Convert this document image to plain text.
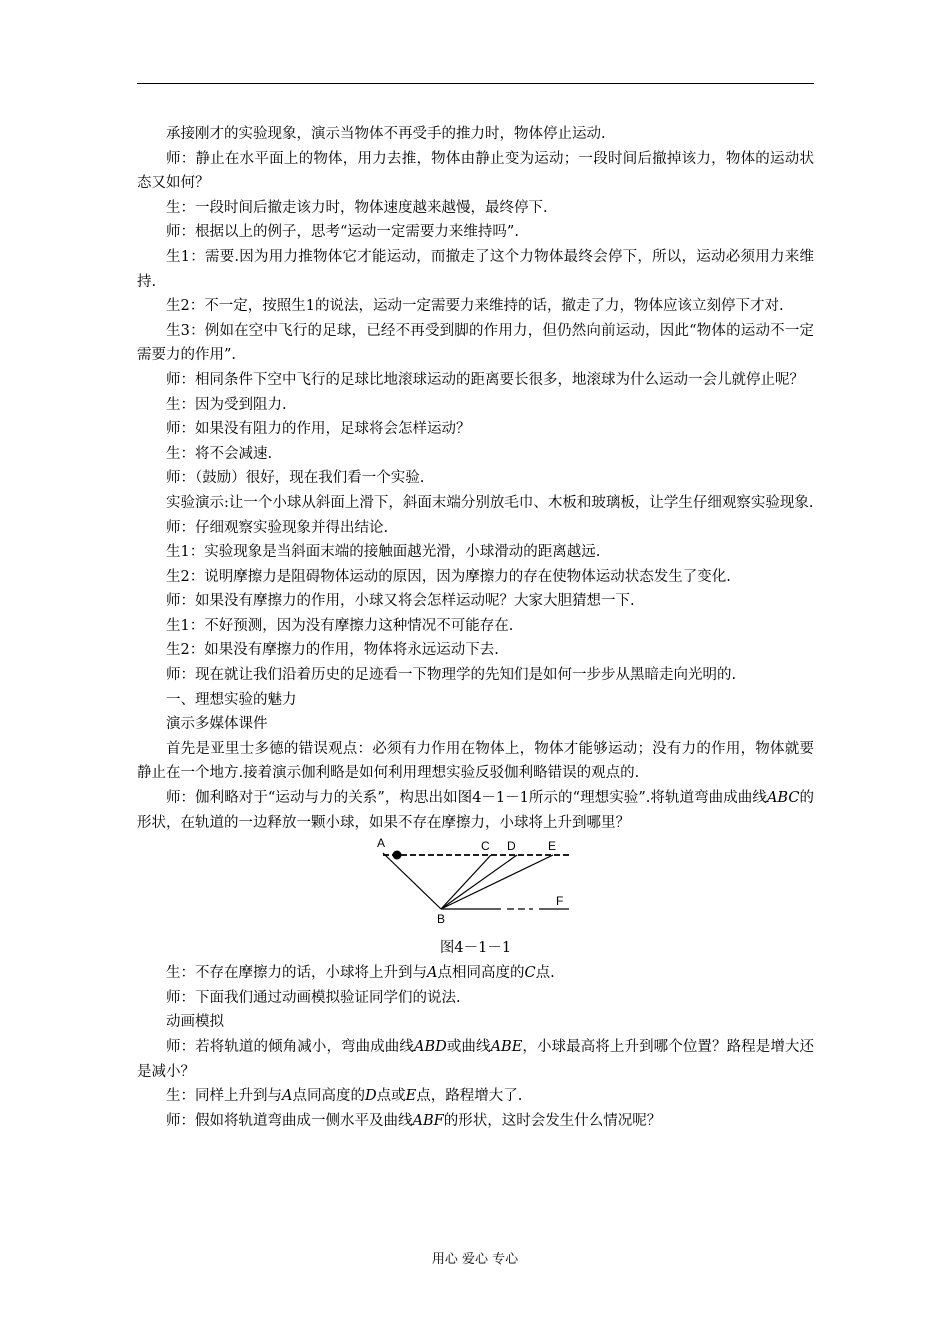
承接刚才的实验现象，演示当物体不再受手的推力时，物体停止运动.

师：静止在水平面上的物体，用力去推，物体由静止变为运动；一段时间后撤掉该力，物体的运动状态又如何？

生：一段时间后撤走该力时，物体速度越来越慢，最终停下.

师：根据以上的例子，思考“运动一定需要力来维持吗”.

生1：需要.因为用力推物体它才能运动，而撤走了这个力物体最终会停下，所以，运动必须用力来维持.

生2：不一定，按照生1的说法，运动一定需要力来维持的话，撤走了力，物体应该立刻停下才对.

生3：例如在空中飞行的足球，已经不再受到脚的作用力，但仍然向前运动，因此“物体的运动不一定需要力的作用”.

师：相同条件下空中飞行的足球比地滚球运动的距离要长很多，地滚球为什么运动一会儿就停止呢？

生：因为受到阻力.

师：如果没有阻力的作用，足球将会怎样运动？

生：将不会减速.

师：（鼓励）很好，现在我们看一个实验.

实验演示:让一个小球从斜面上滑下，斜面末端分别放毛巾、木板和玻璃板，让学生仔细观察实验现象.

师：仔细观察实验现象并得出结论.

生1：实验现象是当斜面末端的接触面越光滑，小球滑动的距离越远.

生2：说明摩擦力是阻碍物体运动的原因，因为摩擦力的存在使物体运动状态发生了变化.

师：如果没有摩擦力的作用，小球又将会怎样运动呢？大家大胆猜想一下.

生1：不好预测，因为没有摩擦力这种情况不可能存在.

生2：如果没有摩擦力的作用，物体将永远运动下去.

师：现在就让我们沿着历史的足迹看一下物理学的先知们是如何一步步从黑暗走向光明的.

一、理想实验的魅力

演示多媒体课件

首先是亚里士多德的错误观点：必须有力作用在物体上，物体才能够运动；没有力的作用，物体就要静止在一个地方.接着演示伽利略是如何利用理想实验反驳伽利略错误的观点的.

师：伽利略对于“运动与力的关系”，构思出如图4－1－1所示的“理想实验”.将轨道弯曲成曲线ABC的形状，在轨道的一边释放一颗小球，如果不存在摩擦力，小球将上升到哪里？

A
B
C D	E
F

图4－1－1

生：不存在摩擦力的话，小球将上升到与A点相同高度的C点.

师：下面我们通过动画模拟验证同学们的说法.

动画模拟

师：若将轨道的倾角减小，弯曲成曲线ABD或曲线ABE，小球最高将上升到哪个位置？路程是增大还是减小？

生：同样上升到与A点同高度的D点或E点，路程增大了.

师：假如将轨道弯曲成一侧水平及曲线ABF的形状，这时会发生什么情况呢？

用心 爱心 专心
